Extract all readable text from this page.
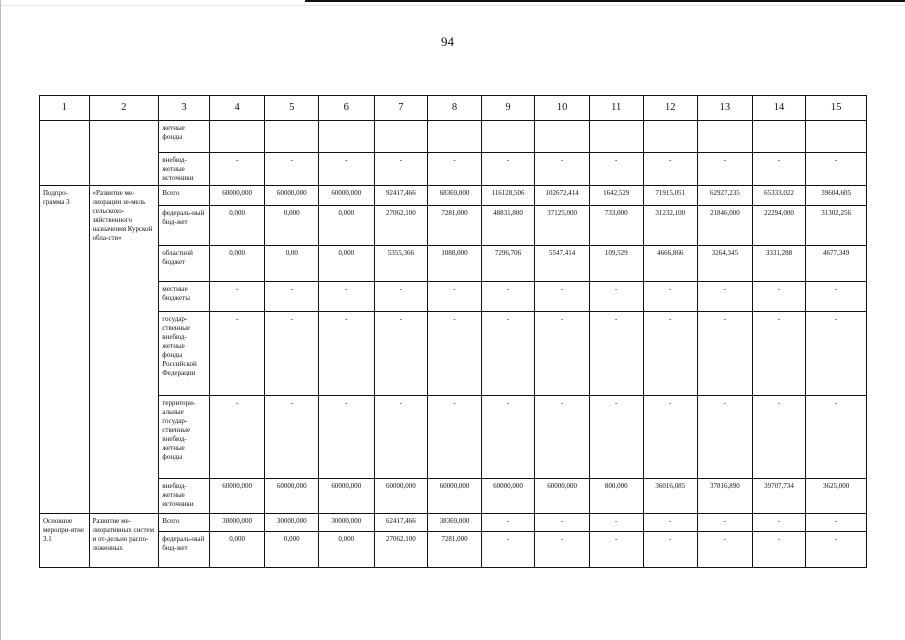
94
1	2	3	4	5	6	7	8	9	10	11	12	13	14	15
		жетные фонды												
		внебюд-жетные источники	-	-	-	-	-	-	-	-	-	-	-	-
Подпро-грамма 3	«Развитие ме-лиорации зе-мель сельскохо-зяйственного назначения Курской обла-сти»	Всего	60000,000	60000,000	60000,000	92417,466	68369,000	116128,506	102672,414	1642,529	71915,051	62927,235	65333,022	39604,605
		федераль-ный бюд-жет	0,000	0,000	0,000	27062,100	7281,000	48831,800	37125,000	733,000	31232,100	21846,000	22294,000	31302,256
		областной бюджет	0,000	0,00	0,000	5355,366	1088,000	7296,706	5547,414	109,529	4666,866	3264,345	3331,288	4677,349
		местные бюджеты	-	-	-	-	-	-	-	-	-	-	-	-
		государ-ственные внебюд-жетные фонды Российской Федерации	-	-	-	-	-	-	-	-	-	-	-	-
		территори-альные государ-ственные внебюд-жетные фонды	-	-	-	-	-	-	-	-	-	-	-	-
		внебюд-жетные источники	60000,000	60000,000	60000,000	60000,000	60000,000	60000,000	60000,000	800,000	36016,085	37816,890	39707,734	3625,000
Основное меропри-ятие 3.1	Развитие ме-лиоративных систем и от-дельно распо-ложенных	Всего	30000,000	30000,000	30000,000	62417,466	38369,000	-	-	-	-	-	-	-
		федераль-ный бюд-жет	0,000	0,000	0,000	27062,100	7281,000	-	-	-	-	-	-	-
